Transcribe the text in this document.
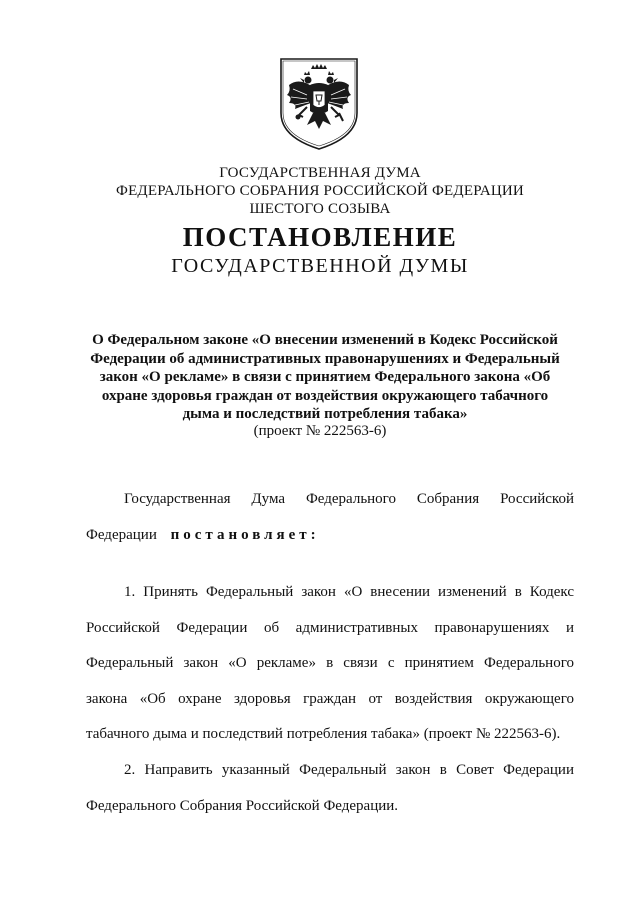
ГОСУДАРСТВЕННАЯ ДУМА
ФЕДЕРАЛЬНОГО СОБРАНИЯ РОССИЙСКОЙ ФЕДЕРАЦИИ
ШЕСТОГО СОЗЫВА
ПОСТАНОВЛЕНИЕ
ГОСУДАРСТВЕННОЙ ДУМЫ
О Федеральном законе «О внесении изменений в Кодекс Российской
Федерации об административных правонарушениях и Федеральный
закон «О рекламе» в связи с принятием Федерального закона «Об
охране здоровья граждан от воздействия окружающего табачного
дыма и последствий потребления табака»
(проект № 222563-6)
Государственная Дума Федерального Собрания Российской
Федерации постановляет:
1. Принять Федеральный закон «О внесении изменений в Кодекс
Российской Федерации об административных правонарушениях и
Федеральный закон «О рекламе» в связи с принятием Федерального
закона «Об охране здоровья граждан от воздействия окружающего
табачного дыма и последствий потребления табака» (проект № 222563-6).
2. Направить указанный Федеральный закон в Совет Федерации
Федерального Собрания Российской Федерации.
